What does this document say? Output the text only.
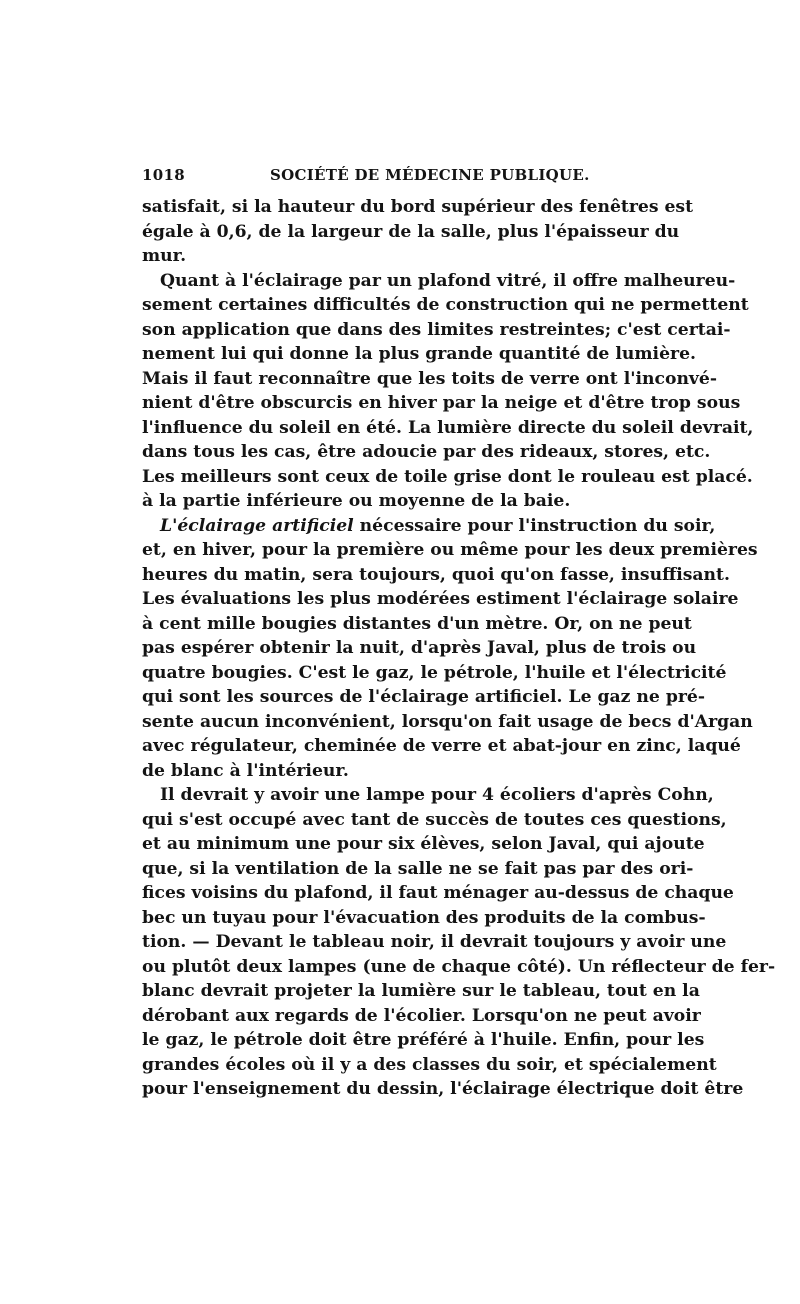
1018	SOCIÉTÉ DE MÉDECINE PUBLIQUE.
satisfait, si la hauteur du bord supérieur des fenêtres est
égale à 0,6, de la largeur de la salle, plus l'épaisseur du
mur.
Quant à l'éclairage par un plafond vitré, il offre malheureu-
sement certaines difficultés de construction qui ne permettent
son application que dans des limites restreintes; c'est certai-
nement lui qui donne la plus grande quantité de lumière.
Mais il faut reconnaître que les toits de verre ont l'inconvé-
nient d'être obscurcis en hiver par la neige et d'être trop sous
l'influence du soleil en été. La lumière directe du soleil devrait,
dans tous les cas, être adoucie par des rideaux, stores, etc.
Les meilleurs sont ceux de toile grise dont le rouleau est placé.
à la partie inférieure ou moyenne de la baie.
L'éclairage artificiel nécessaire pour l'instruction du soir,
et, en hiver, pour la première ou même pour les deux premières
heures du matin, sera toujours, quoi qu'on fasse, insuffisant.
Les évaluations les plus modérées estiment l'éclairage solaire
à cent mille bougies distantes d'un mètre. Or, on ne peut
pas espérer obtenir la nuit, d'après Javal, plus de trois ou
quatre bougies. C'est le gaz, le pétrole, l'huile et l'électricité
qui sont les sources de l'éclairage artificiel. Le gaz ne pré-
sente aucun inconvénient, lorsqu'on fait usage de becs d'Argan
avec régulateur, cheminée de verre et abat-jour en zinc, laqué
de blanc à l'intérieur.
Il devrait y avoir une lampe pour 4 écoliers d'après Cohn,
qui s'est occupé avec tant de succès de toutes ces questions,
et au minimum une pour six élèves, selon Javal, qui ajoute
que, si la ventilation de la salle ne se fait pas par des ori-
fices voisins du plafond, il faut ménager au-dessus de chaque
bec un tuyau pour l'évacuation des produits de la combus-
tion. — Devant le tableau noir, il devrait toujours y avoir une
ou plutôt deux lampes (une de chaque côté). Un réflecteur de fer-
blanc devrait projeter la lumière sur le tableau, tout en la
dérobant aux regards de l'écolier. Lorsqu'on ne peut avoir
le gaz, le pétrole doit être préféré à l'huile. Enfin, pour les
grandes écoles où il y a des classes du soir, et spécialement
pour l'enseignement du dessin, l'éclairage électrique doit être
